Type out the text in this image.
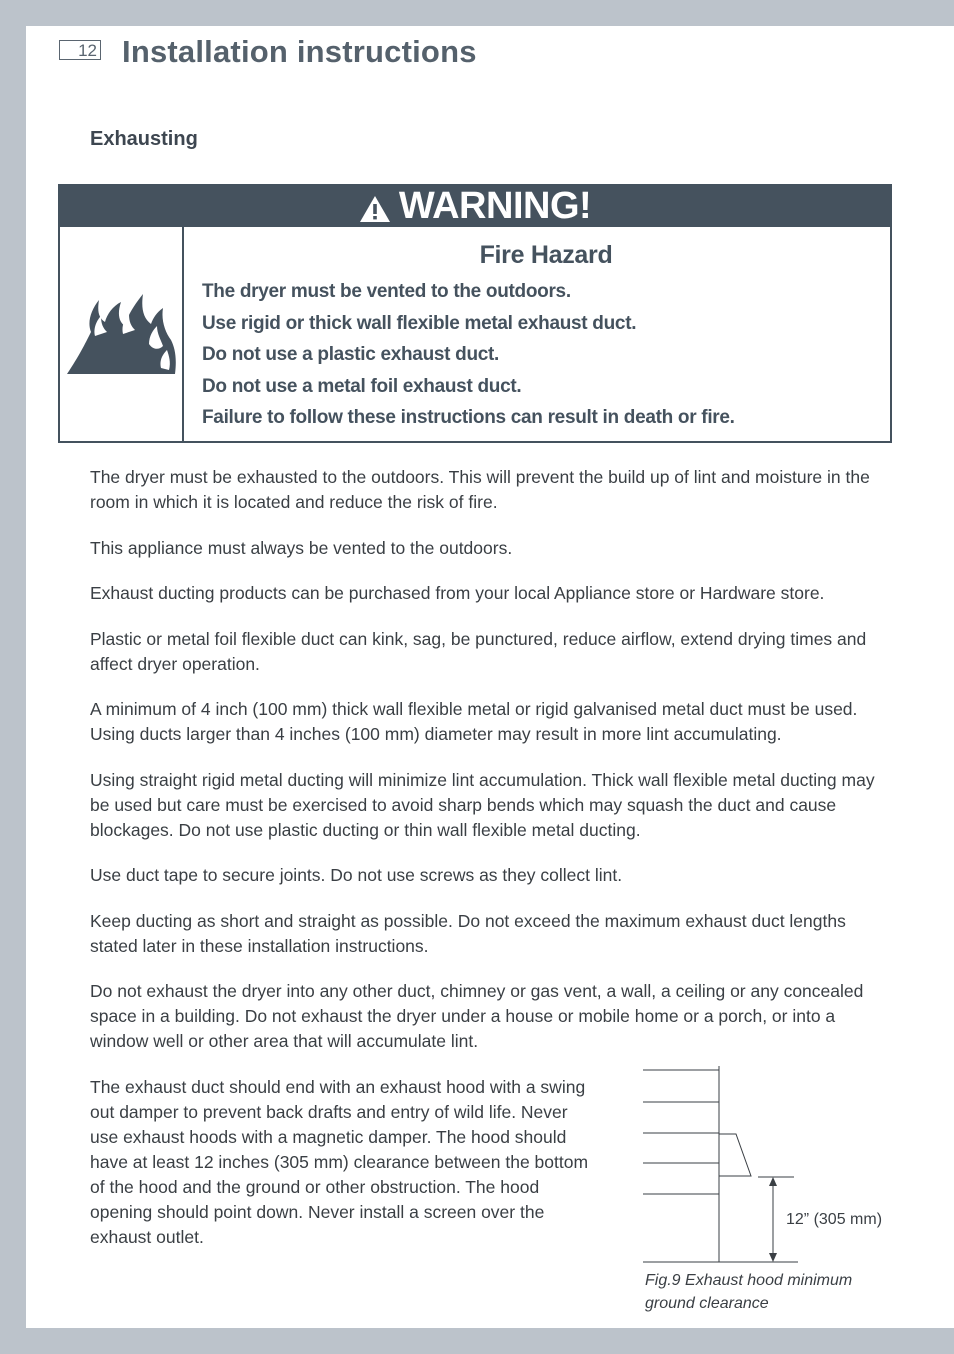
12 Installation instructions
Exhausting
WARNING!
Fire Hazard
The dryer must be vented to the outdoors.
Use rigid or thick wall flexible metal exhaust duct.
Do not use a plastic exhaust duct.
Do not use a metal foil exhaust duct.
Failure to follow these instructions can result in death or fire.

The dryer must be exhausted to the outdoors. This will prevent the build up of lint and moisture in the room in which it is located and reduce the risk of fire.

This appliance must always be vented to the outdoors.

Exhaust ducting products can be purchased from your local Appliance store or Hardware store.

Plastic or metal foil flexible duct can kink, sag, be punctured, reduce airflow, extend drying times and affect dryer operation.

A minimum of 4 inch (100 mm) thick wall flexible metal or rigid galvanised metal duct must be used. Using ducts larger than 4 inches (100 mm) diameter may result in more lint accumulating.

Using straight rigid metal ducting will minimize lint accumulation. Thick wall flexible metal ducting may be used but care must be exercised to avoid sharp bends which may squash the duct and cause blockages. Do not use plastic ducting or thin wall flexible metal ducting.

Use duct tape to secure joints. Do not use screws as they collect lint.

Keep ducting as short and straight as possible. Do not exceed the maximum exhaust duct lengths stated later in these installation instructions.

Do not exhaust the dryer into any other duct, chimney or gas vent, a wall, a ceiling or any concealed space in a building. Do not exhaust the dryer under a house or mobile home or a porch, or into a window well or other area that will accumulate lint.

The exhaust duct should end with an exhaust hood with a swing out damper to prevent back drafts and entry of wild life. Never use exhaust hoods with a magnetic damper. The hood should have at least 12 inches (305 mm) clearance between the bottom of the hood and the ground or other obstruction. The hood opening should point down. Never install a screen over the exhaust outlet.

12” (305 mm)

Fig.9 Exhaust hood minimum ground clearance
